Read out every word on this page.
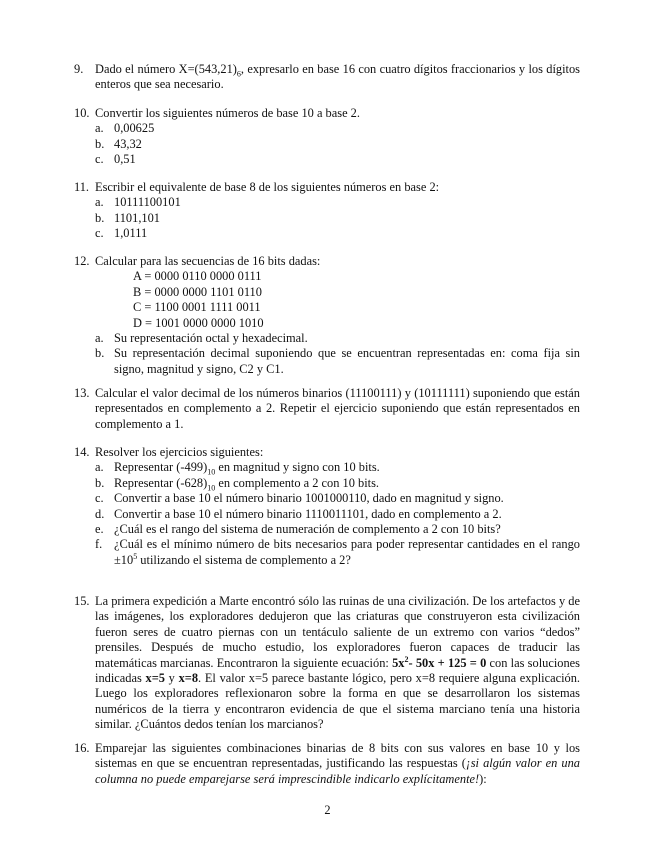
9. Dado el número $X=(543,21)_6$, expresarlo en base 16 con cuatro dígitos fraccionarios y los dígitos enteros que sea necesario.
10. Convertir los siguientes números de base 10 a base 2.
a. 0,00625
b. 43,32
c. 0,51
11. Escribir el equivalente de base 8 de los siguientes números en base 2:
a. 10111100101
b. 1101,101
c. 1,0111
12. Calcular para las secuencias de 16 bits dadas:
A = 0000 0110 0000 0111
B = 0000 0000 1101 0110
C = 1100 0001 1111 0011
D = 1001 0000 0000 1010
a. Su representación octal y hexadecimal.
b. Su representación decimal suponiendo que se encuentran representadas en: coma fija sin signo, magnitud y signo, C2 y C1.
13. Calcular el valor decimal de los números binarios (11100111) y (10111111) suponiendo que están representados en complemento a 2. Repetir el ejercicio suponiendo que están representados en complemento a 1.
14. Resolver los ejercicios siguientes:
a. Representar $(-499)_{10}$ en magnitud y signo con 10 bits.
b. Representar $(-628)_{10}$ en complemento a 2 con 10 bits.
c. Convertir a base 10 el número binario 1001000110, dado en magnitud y signo.
d. Convertir a base 10 el número binario 1110011101, dado en complemento a 2.
e. ¿Cuál es el rango del sistema de numeración de complemento a 2 con 10 bits?
f. ¿Cuál es el mínimo número de bits necesarios para poder representar cantidades en el rango $\pm 10^5$ utilizando el sistema de complemento a 2?
15. La primera expedición a Marte encontró sólo las ruinas de una civilización. De los artefactos y de las imágenes, los exploradores dedujeron que las criaturas que construyeron esta civilización fueron seres de cuatro piernas con un tentáculo saliente de un extremo con varios “dedos” prensiles. Después de mucho estudio, los exploradores fueron capaces de traducir las matemáticas marcianas. Encontraron la siguiente ecuación: $5x^2-$ 50x + 125 = 0 con las soluciones indicadas x=5 y x=8. El valor x=5 parece bastante lógico, pero x=8 requiere alguna explicación. Luego los exploradores reflexionaron sobre la forma en que se desarrollaron los sistemas numéricos de la tierra y encontraron evidencia de que el sistema marciano tenía una historia similar. ¿Cuántos dedos tenían los marcianos?
16. Emparejar las siguientes combinaciones binarias de 8 bits con sus valores en base 10 y los sistemas en que se encuentran representadas, justificando las respuestas (¡si algún valor en una columna no puede emparejarse será imprescindible indicarlo explícitamente!):
2
